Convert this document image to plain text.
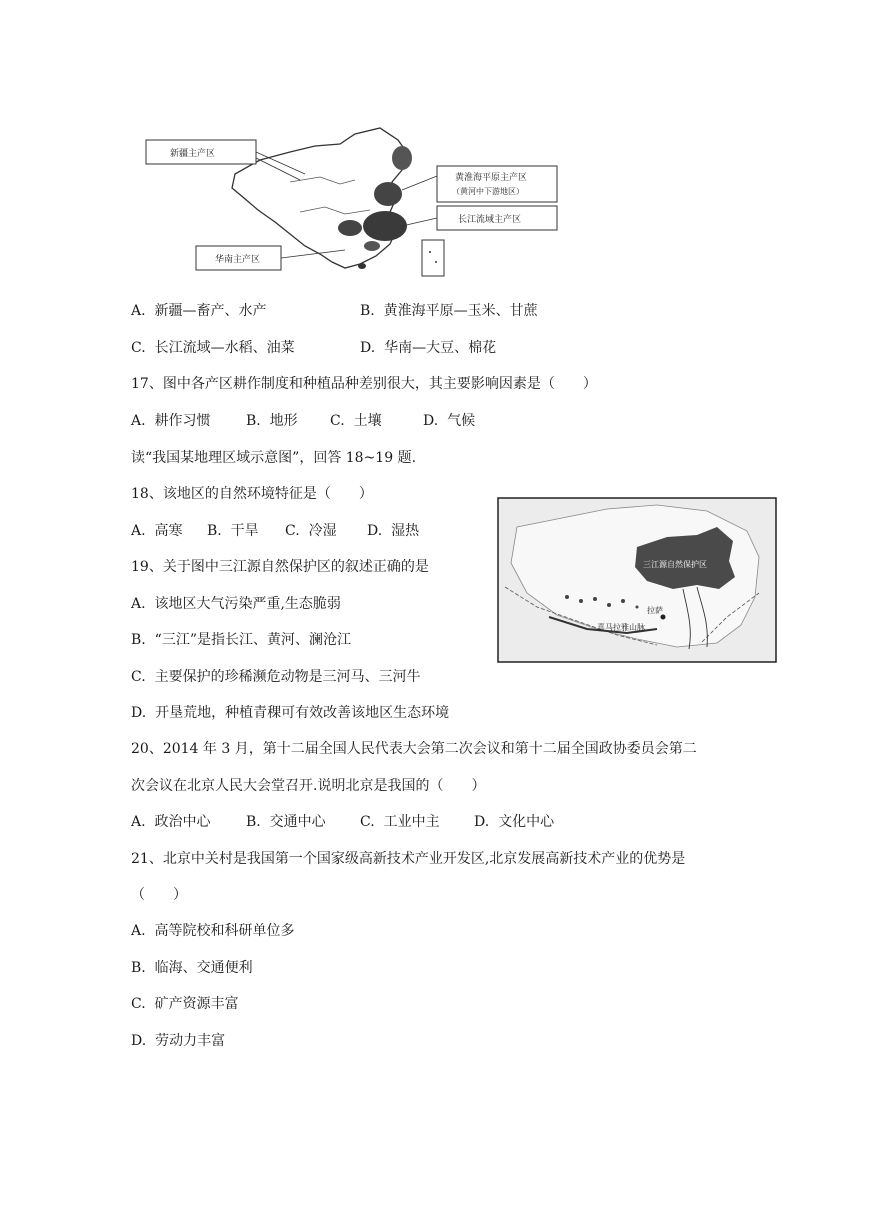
新疆主产区
黄淮海平原主产区
（黄河中下游地区）
长江流域主产区
华南主产区
A. 新疆—畜产、水产	B. 黄淮海平原—玉米、甘蔗
C. 长江流域—水稻、油菜	D. 华南—大豆、棉花
17、图中各产区耕作制度和种植品种差别很大，其主要影响因素是（　　）
A. 耕作习惯	B. 地形 C. 土壤	D. 气候
读“我国某地理区域示意图”，回答 18~19 题.
18、该地区的自然环境特征是（　　）
A. 高寒 B. 干旱 C. 冷湿 D. 湿热
三江源自然保护区
喜马拉雅山脉
拉萨
19、关于图中三江源自然保护区的叙述正确的是
A. 该地区大气污染严重,生态脆弱
B. “三江”是指长江、黄河、澜沧江
C. 主要保护的珍稀濒危动物是三河马、三河牛
D. 开垦荒地，种植青稞可有效改善该地区生态环境
20、2014 年 3 月，第十二届全国人民代表大会第二次会议和第十二届全国政协委员会第二
次会议在北京人民大会堂召开.说明北京是我国的（　　）
A. 政治中心	B. 交通中心 C. 工业中主 D. 文化中心
21、北京中关村是我国第一个国家级高新技术产业开发区,北京发展高新技术产业的优势是
（　　）
A. 高等院校和科研单位多
B. 临海、交通便利
C. 矿产资源丰富
D. 劳动力丰富
